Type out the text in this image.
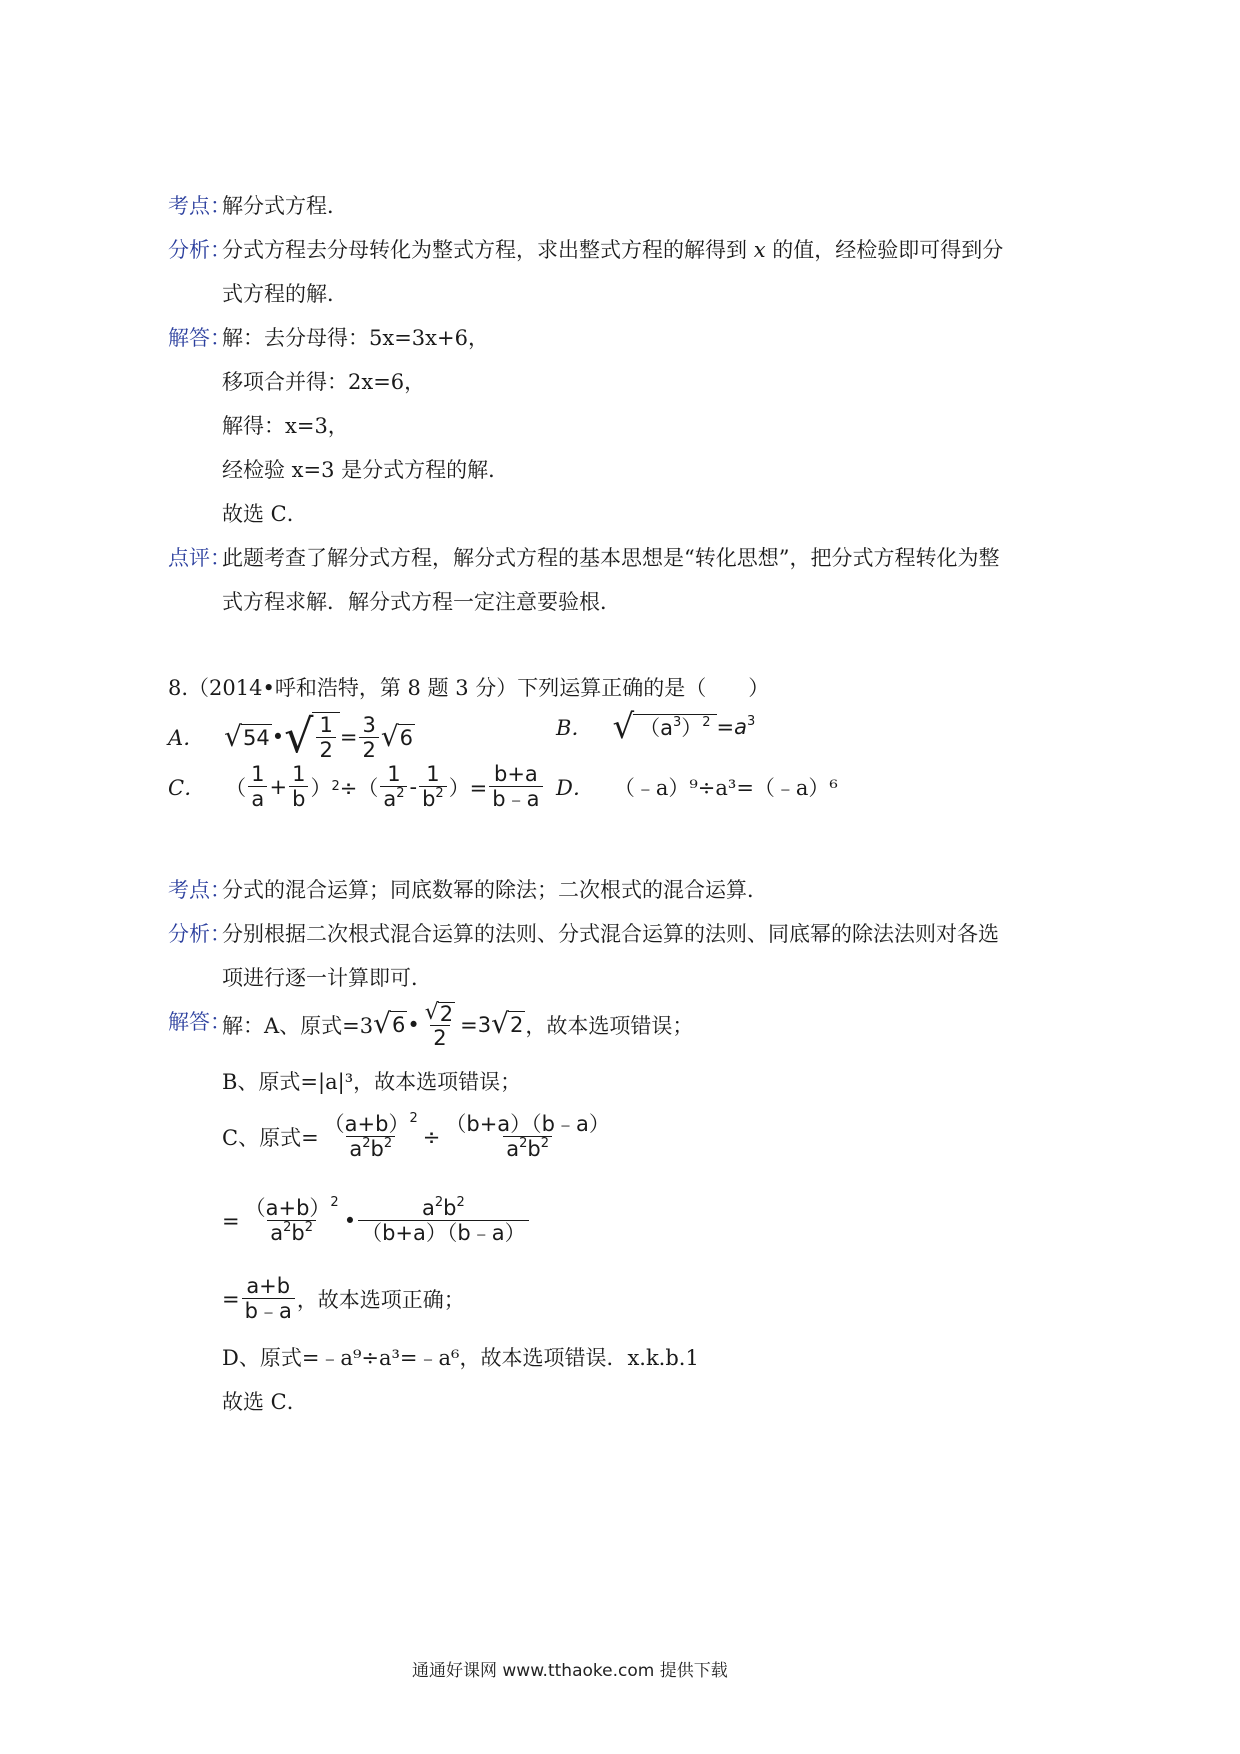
考点：
解分式方程．
分析：
分式方程去分母转化为整式方程，求出整式方程的解得到 x 的值，经检验即可得到分
式方程的解．
解答：
解：去分母得：5x=3x+6，
移项合并得：2x=6，
解得：x=3，
经检验 x=3 是分式方程的解．
故选 C．
点评：
此题考查了解分式方程，解分式方程的基本思想是“转化思想”，把分式方程转化为整
式方程求解．解分式方程一定注意要验根．
8.（2014•呼和浩特，第 8 题 3 分）下列运算正确的是（　　）
A． √ 54 • √ $\frac{1}{2} = \frac{3}{2}$ √ 6	B． √ $(a^3)^2 =a^3$
C． （ $\frac{1}{a} + \frac{1}{b}$ ） 2 ÷（ $\frac{1}{a^2} - \frac{1}{b^2}$ ）= $\frac{b+a}{b﹣a}$ D． （﹣a）⁹÷a³=（﹣a）⁶
考点：
分式的混合运算；同底数幂的除法；二次根式的混合运算．
分析：
分别根据二次根式混合运算的法则、分式混合运算的法则、同底幂的除法法则对各选
项进行逐一计算即可．
解答：
解：A、原式=3 √ 6 • $\frac{√ 2}{2} =3$ √ 2 ，故本选项错误；
B、原式=|a|³，故本选项错误；
C、原式= $\frac{(a+b)^2}{a^2b^2} \div \frac{(b+a)(b﹣a)}{a^2b^2}$
= $\frac{(a+b)^2}{a^2b^2}$ • $\frac{a^2b^2}{(b+a)(b﹣a)}$
= $\frac{a+b}{b﹣a}$ ，故本选项正确；
D、原式=﹣a⁹÷a³=﹣a⁶，故本选项错误．x.k.b.1
故选 C．
通通好课网 www.tthaoke.com 提供下载
